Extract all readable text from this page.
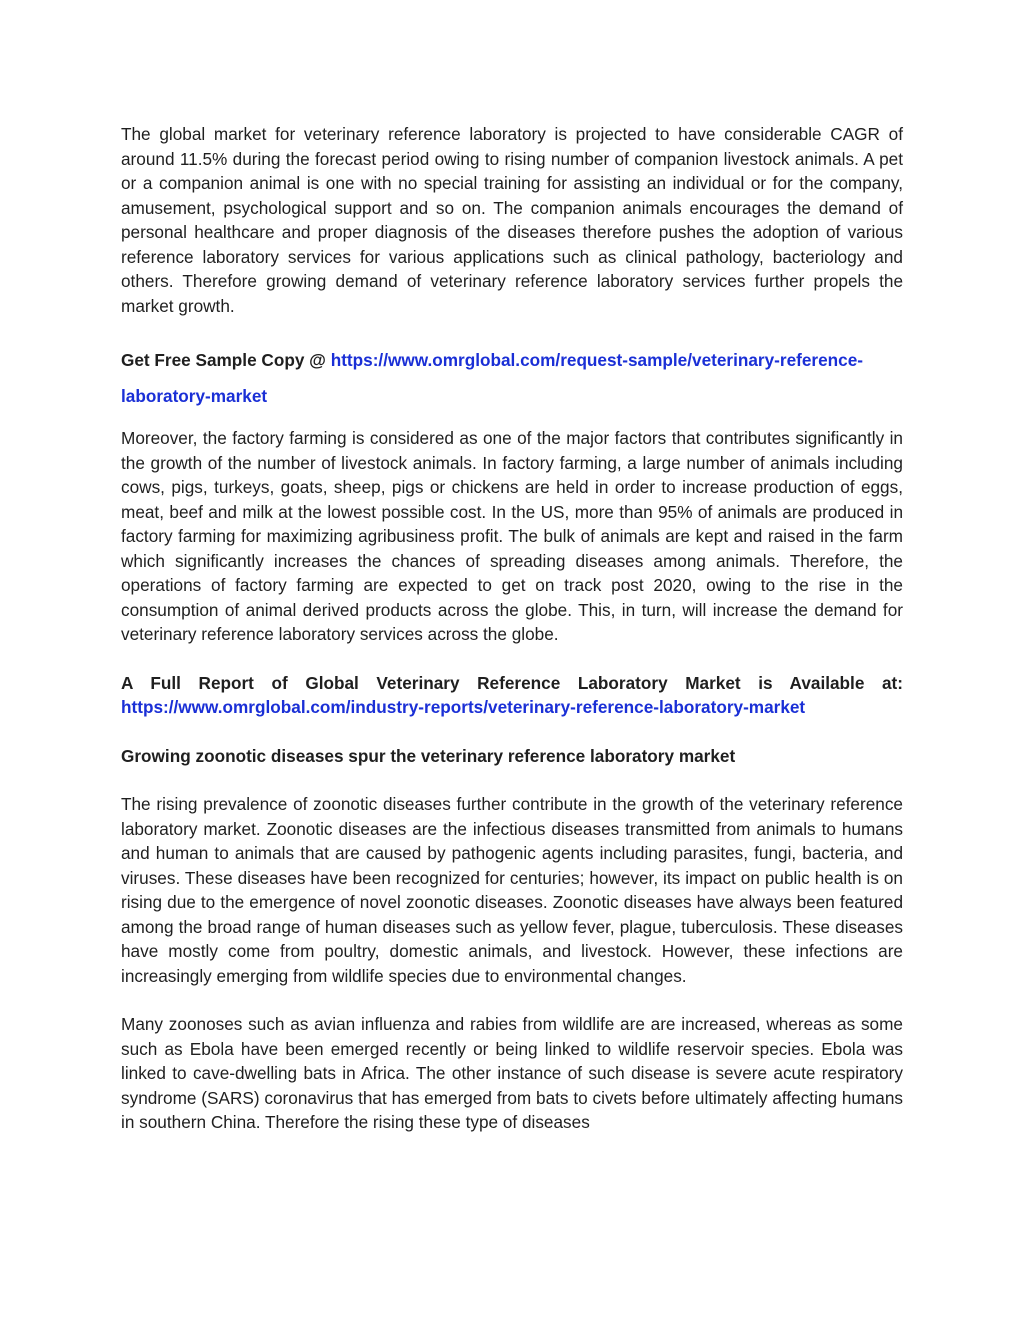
The global market for veterinary reference laboratory is projected to have considerable CAGR of around 11.5% during the forecast period owing to rising number of companion livestock animals. A pet or a companion animal is one with no special training for assisting an individual or for the company, amusement, psychological support and so on. The companion animals encourages the demand of personal healthcare and proper diagnosis of the diseases therefore pushes the adoption of various reference laboratory services for various applications such as clinical pathology, bacteriology and others. Therefore growing demand of veterinary reference laboratory services further propels the market growth.

Get Free Sample Copy @ https://www.omrglobal.com/request-sample/veterinary-reference-laboratory-market

Moreover, the factory farming is considered as one of the major factors that contributes significantly in the growth of the number of livestock animals. In factory farming, a large number of animals including cows, pigs, turkeys, goats, sheep, pigs or chickens are held in order to increase production of eggs, meat, beef and milk at the lowest possible cost. In the US, more than 95% of animals are produced in factory farming for maximizing agribusiness profit. The bulk of animals are kept and raised in the farm which significantly increases the chances of spreading diseases among animals. Therefore, the operations of factory farming are expected to get on track post 2020, owing to the rise in the consumption of animal derived products across the globe. This, in turn, will increase the demand for veterinary reference laboratory services across the globe.

A Full Report of Global Veterinary Reference Laboratory Market is Available at: https://www.omrglobal.com/industry-reports/veterinary-reference-laboratory-market

Growing zoonotic diseases spur the veterinary reference laboratory market

The rising prevalence of zoonotic diseases further contribute in the growth of the veterinary reference laboratory market. Zoonotic diseases are the infectious diseases transmitted from animals to humans and human to animals that are caused by pathogenic agents including parasites, fungi, bacteria, and viruses. These diseases have been recognized for centuries; however, its impact on public health is on rising due to the emergence of novel zoonotic diseases. Zoonotic diseases have always been featured among the broad range of human diseases such as yellow fever, plague, tuberculosis. These diseases have mostly come from poultry, domestic animals, and livestock. However, these infections are increasingly emerging from wildlife species due to environmental changes.

Many zoonoses such as avian influenza and rabies from wildlife are are increased, whereas as some such as Ebola have been emerged recently or being linked to wildlife reservoir species. Ebola was linked to cave-dwelling bats in Africa. The other instance of such disease is severe acute respiratory syndrome (SARS) coronavirus that has emerged from bats to civets before ultimately affecting humans in southern China. Therefore the rising these type of diseases
